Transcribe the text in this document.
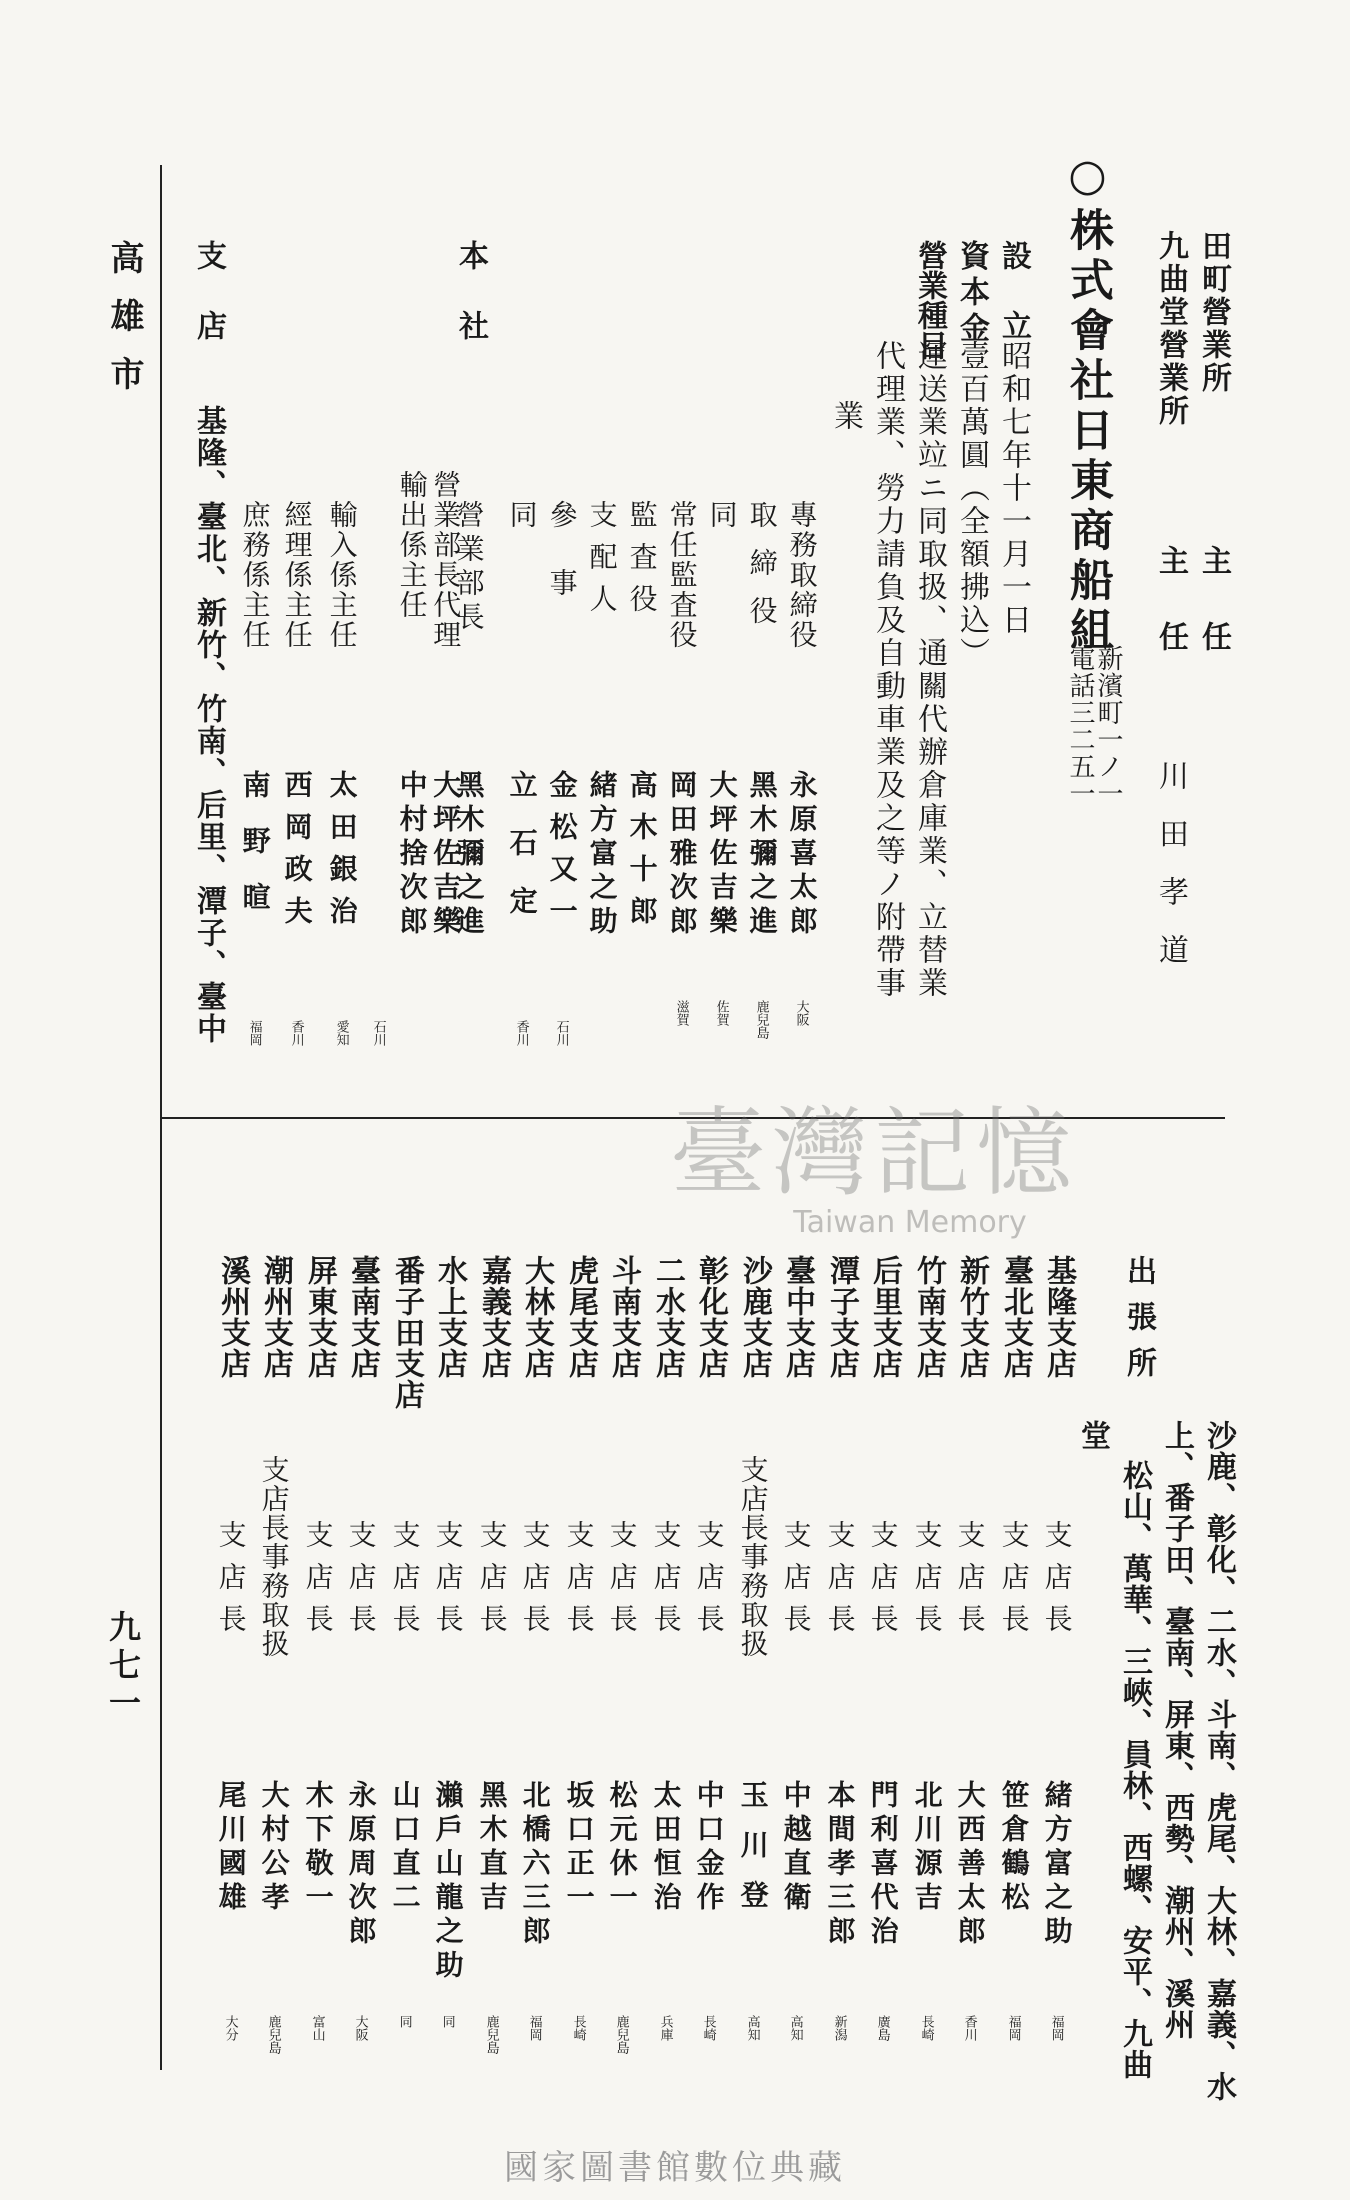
高雄市
九七一
田町營業所
主任
九曲堂營業所
主任
川田孝道
○株式會社日東商船組
新濱町一ノ一
電話三二五一
設立
昭和七年十一月一日
資本金
壹百萬圓（全額拂込）
營業種目
運送業竝ニ同取扱、通關代辦倉庫業、立替業
代理業、勞力請負及自動車業及之等ノ附帶事
業
本社
專務取締役
永原喜太郎
大阪
取締役
黑木彌之進
鹿兒島
同
大坪佐吉樂
佐賀
常任監査役
岡田雅次郎
滋賀
監査役
高木十郎
支配人
緒方富之助
參事
金松又一
石川
同
立石定
香川
營業部長
黑木彌之進
營業部長代理
輸出係主任
大坪佐吉樂
中村捨次郎
石川
輸入係主任
太田銀治
愛知
經理係主任
西岡政夫
香川
庶務係主任
南野暄
福岡
支店
基隆、臺北、新竹、竹南、后里、潭子、臺中
臺灣記憶
Taiwan Memory
出張所
沙鹿、彰化、二水、斗南、虎尾、大林、嘉義、水
上、番子田、臺南、屏東、西勢、潮州、溪州
松山、萬華、三峽、員林、西螺、安平、九曲
堂
基隆支店
支店長
緒方富之助
福岡
臺北支店
支店長
笹倉鶴松
福岡
新竹支店
支店長
大西善太郎
香川
竹南支店
支店長
北川源吉
長崎
后里支店
支店長
門利喜代治
廣島
潭子支店
支店長
本間孝三郎
新潟
臺中支店
支店長
中越直衛
高知
沙鹿支店
支店長事務取扱
玉川登
高知
彰化支店
支店長
中口金作
長崎
二水支店
支店長
太田恒治
兵庫
斗南支店
支店長
松元休一
鹿兒島
虎尾支店
支店長
坂口正一
長崎
大林支店
支店長
北橋六三郎
福岡
嘉義支店
支店長
黑木直吉
鹿兒島
水上支店
支店長
瀨戶山龍之助
同
番子田支店
支店長
山口直二
同
臺南支店
支店長
永原周次郎
大阪
屏東支店
支店長
木下敬一
富山
潮州支店
支店長事務取扱
大村公孝
鹿兒島
溪州支店
支店長
尾川國雄
大分
國家圖書館數位典藏
